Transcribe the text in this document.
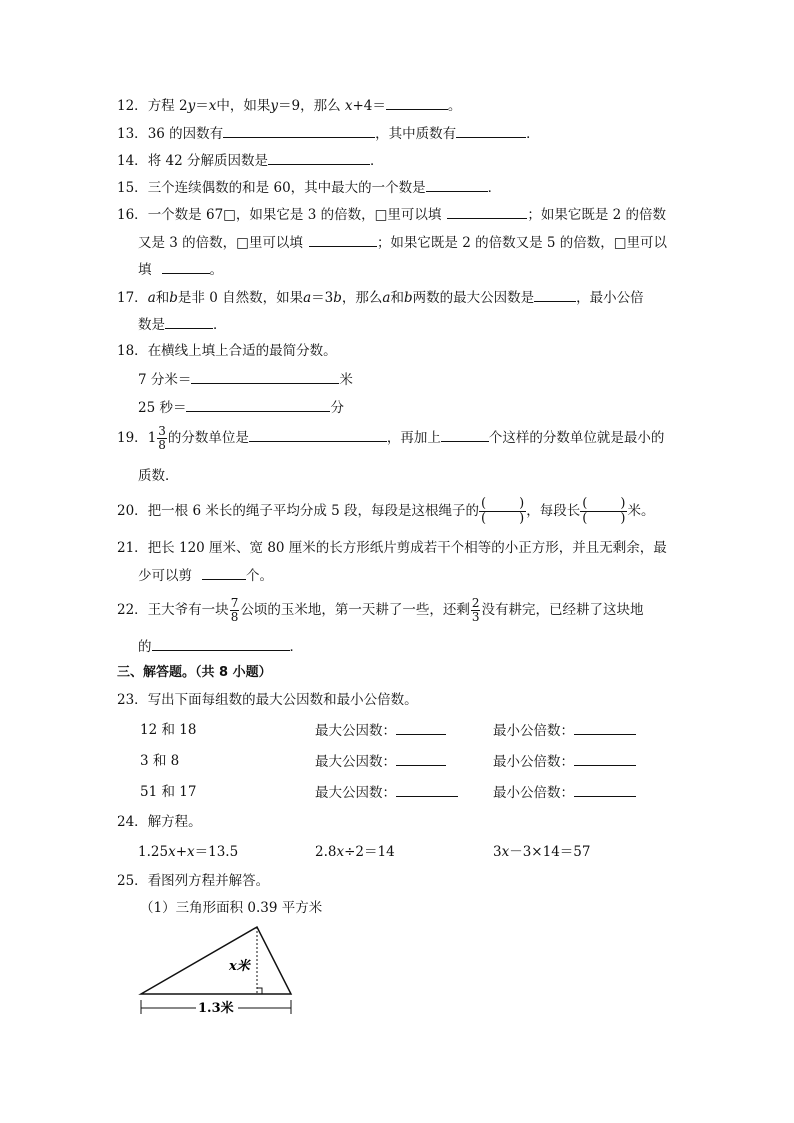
12．方程 2y＝x中，如果y＝9，那么 x+4＝	。
13．36 的因数有	，其中质数有	．
14．将 42 分解质因数是	．
15．三个连续偶数的和是 60，其中最大的一个数是	．
16．一个数是 67□，如果它是 3 的倍数，□里可以填	；如果它既是 2 的倍数
又是 3 的倍数，□里可以填	；如果它既是 2 的倍数又是 5 的倍数，□里可以
填	。
17．a和b是非 0 自然数，如果a＝3b，那么a和b两数的最大公因数是	，最小公倍
数是	．
18．在横线上填上合适的最简分数。
7 分米＝	米
25 秒＝	分
19．$1 \frac{3}{8}$ 的分数单位是	，再加上	个这样的分数单位就是最小的
质数．
20．把一根 6 米长的绳子平均分成 5 段，每段是这根绳子的 (	)
(	) ，每段长 (	)
(	) 米。
21．把长 120 厘米、宽 80 厘米的长方形纸片剪成若干个相等的小正方形，并且无剩余，最
少可以剪	个。
22．王大爷有一块 $\frac{7}{8}$ 公顷的玉米地，第一天耕了一些，还剩 $\frac{2}{3}$ 没有耕完，已经耕了这块地
的	．
三、解答题。（共 8 小题）
23．写出下面每组数的最大公因数和最小公倍数。
12 和 18	最大公因数：	最小公倍数：
3 和 8	最大公因数：	最小公倍数：
51 和 17	最大公因数：	最小公倍数：
24．解方程。
1.25x+x＝13.5	2.8x÷2＝14	3x－3×14＝57
25．看图列方程并解答。
（1）三角形面积 0.39 平方米
x米
1.3米
